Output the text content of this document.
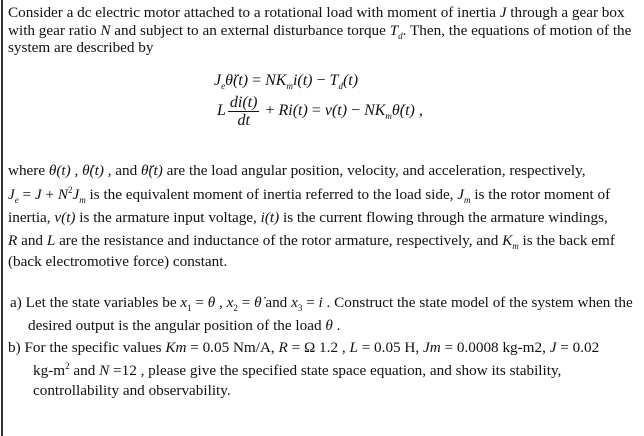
Consider a dc electric motor attached to a rotational load with moment of inertia J through a gear box
with gear ratio N and subject to an external disturbance torque $T_d$. Then, the equations of motion of the
system are described by
$J_e\thetä(t) = NK_mi(t) - T_d(t)$
L $\frac{di(t)}{dt} + Ri(t) = v(t)$ − $NK_m\thetȧ(t)$ ,
where θ(t) , θ̇(t) , and θ̈(t) are the load angular position, velocity, and acceleration, respectively,
$J_e = J + N^2J_m$ is the equivalent moment of inertia referred to the load side, $J_m$ is the rotor moment of
inertia, v(t) is the armature input voltage, i(t) is the current flowing through the armature windings,
R and L are the resistance and inductance of the rotor armature, respectively, and $K_m$ is the back emf
(back electromotive force) constant.
a) Let the state variables be $x_1 = \theta$ , $x_2$ = θ̇ and $x_3 = i$ . Construct the state model of the system when the
desired output is the angular position of the load θ .
b) For the specific values Km = 0.05 Nm/A, R = Ω 1.2 , L = 0.05 H, Jm = 0.0008 kg-m2, J = 0.02
$kg-m^2$ and N =12 , please give the specified state space equation, and show its stability,
controllability and observability.
